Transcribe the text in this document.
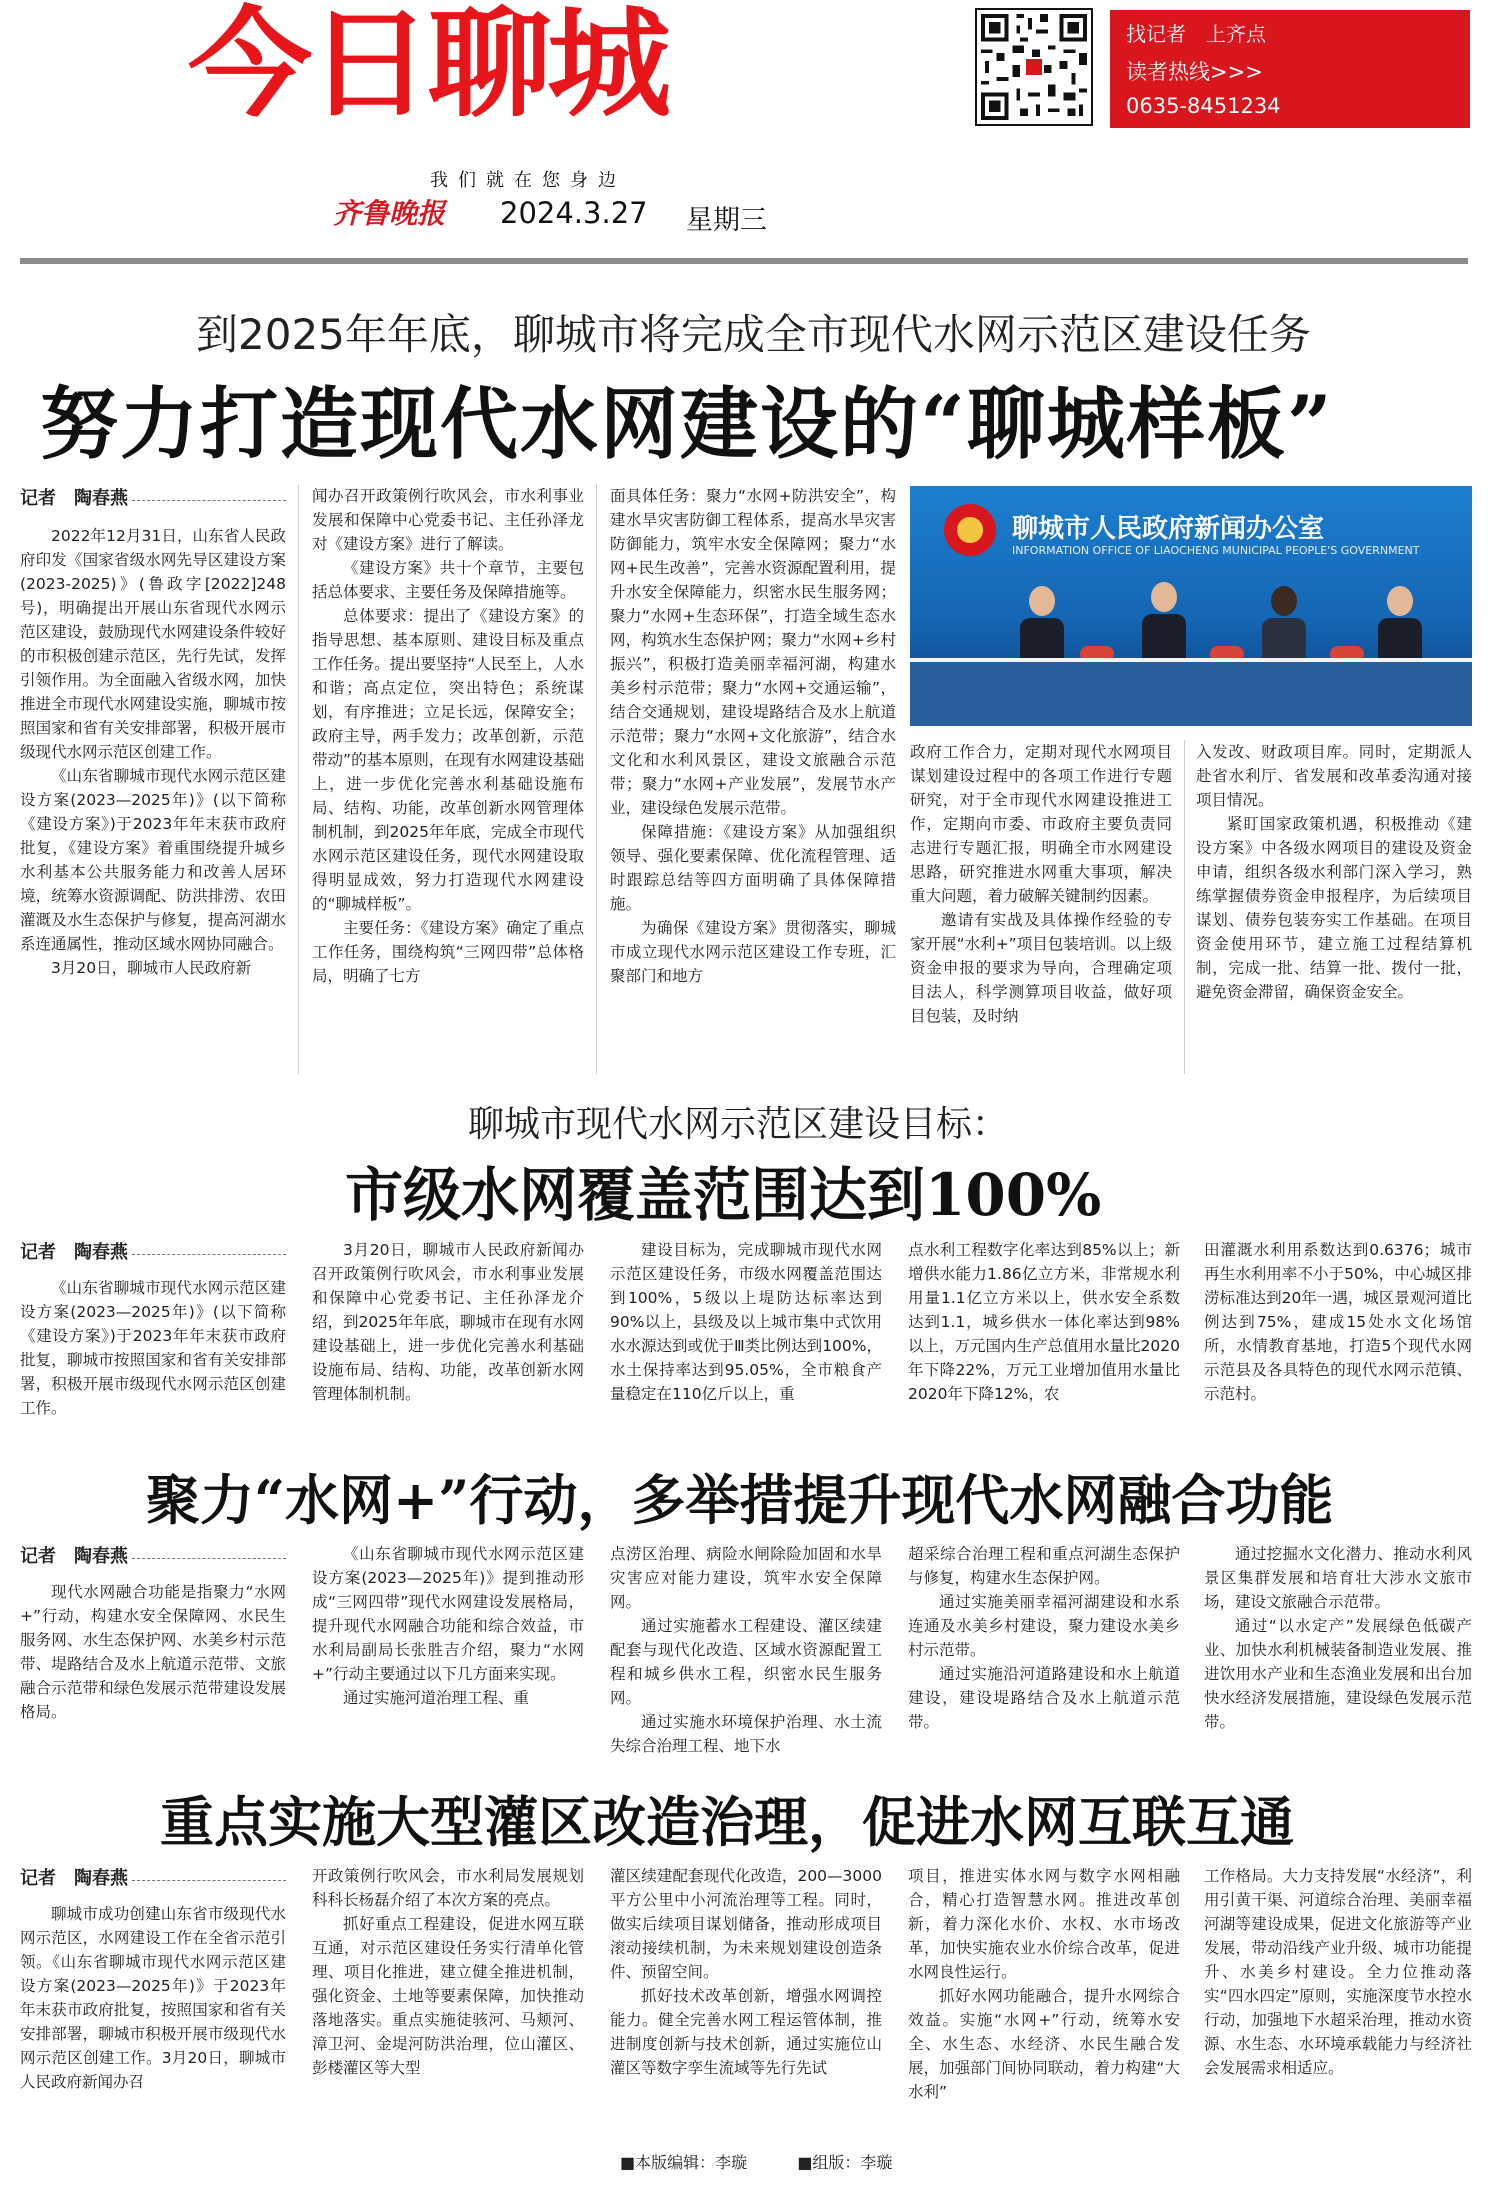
今日聊城	找记者　上齐点
读者热线>>>
0635-8451234
我们就在您身边
齐鲁晚报 2024.3.27 星期三
到2025年年底，聊城市将完成全市现代水网示范区建设任务
努力打造现代水网建设的“聊城样板”
记者　陶春燕

2022年12月31日，山东省人民政府印发《国家省级水网先导区建设方案(2023-2025)》(鲁政字[2022]248号)，明确提出开展山东省现代水网示范区建设，鼓励现代水网建设条件较好的市积极创建示范区，先行先试，发挥引领作用。为全面融入省级水网，加快推进全市现代水网建设实施，聊城市按照国家和省有关安排部署，积极开展市级现代水网示范区创建工作。

《山东省聊城市现代水网示范区建设方案(2023—2025年)》(以下简称《建设方案》)于2023年年末获市政府批复，《建设方案》着重围绕提升城乡水利基本公共服务能力和改善人居环境，统筹水资源调配、防洪排涝、农田灌溉及水生态保护与修复，提高河湖水系连通属性，推动区域水网协同融合。

3月20日，聊城市人民政府新

闻办召开政策例行吹风会，市水利事业发展和保障中心党委书记、主任孙泽龙对《建设方案》进行了解读。

《建设方案》共十个章节，主要包括总体要求、主要任务及保障措施等。

总体要求：提出了《建设方案》的指导思想、基本原则、建设目标及重点工作任务。提出要坚持“人民至上，人水和谐；高点定位，突出特色；系统谋划，有序推进；立足长远，保障安全；政府主导，两手发力；改革创新，示范带动”的基本原则，在现有水网建设基础上，进一步优化完善水利基础设施布局、结构、功能，改革创新水网管理体制机制，到2025年年底，完成全市现代水网示范区建设任务，现代水网建设取得明显成效，努力打造现代水网建设的“聊城样板”。

主要任务：《建设方案》确定了重点工作任务，围绕构筑“三网四带”总体格局，明确了七方

面具体任务：聚力“水网+防洪安全”，构建水旱灾害防御工程体系，提高水旱灾害防御能力，筑牢水安全保障网；聚力“水网+民生改善”，完善水资源配置利用，提升水安全保障能力，织密水民生服务网；聚力“水网+生态环保”，打造全域生态水网，构筑水生态保护网；聚力“水网+乡村振兴”，积极打造美丽幸福河湖，构建水美乡村示范带；聚力“水网+交通运输”，结合交通规划，建设堤路结合及水上航道示范带；聚力“水网+文化旅游”，结合水文化和水利风景区，建设文旅融合示范带；聚力“水网+产业发展”，发展节水产业，建设绿色发展示范带。

保障措施：《建设方案》从加强组织领导、强化要素保障、优化流程管理、适时跟踪总结等四方面明确了具体保障措施。

为确保《建设方案》贯彻落实，聊城市成立现代水网示范区建设工作专班，汇聚部门和地方

聊城市人民政府新闻办公室
INFORMATION OFFICE OF LIAOCHENG MUNICIPAL PEOPLE'S GOVERNMENT

政府工作合力，定期对现代水网项目谋划建设过程中的各项工作进行专题研究，对于全市现代水网建设推进工作，定期向市委、市政府主要负责同志进行专题汇报，明确全市水网建设思路，研究推进水网重大事项，解决重大问题，着力破解关键制约因素。

邀请有实战及具体操作经验的专家开展“水利+”项目包装培训。以上级资金申报的要求为导向，合理确定项目法人，科学测算项目收益，做好项目包装，及时纳

入发改、财政项目库。同时，定期派人赴省水利厅、省发展和改革委沟通对接项目情况。

紧盯国家政策机遇，积极推动《建设方案》中各级水网项目的建设及资金申请，组织各级水利部门深入学习，熟练掌握债券资金申报程序，为后续项目谋划、债券包装夯实工作基础。在项目资金使用环节，建立施工过程结算机制，完成一批、结算一批、拨付一批，避免资金滞留，确保资金安全。

聊城市现代水网示范区建设目标：
市级水网覆盖范围达到100%
记者　陶春燕

《山东省聊城市现代水网示范区建设方案(2023—2025年)》(以下简称《建设方案》)于2023年年末获市政府批复，聊城市按照国家和省有关安排部署，积极开展市级现代水网示范区创建工作。

3月20日，聊城市人民政府新闻办召开政策例行吹风会，市水利事业发展和保障中心党委书记、主任孙泽龙介绍，到2025年年底，聊城市在现有水网建设基础上，进一步优化完善水利基础设施布局、结构、功能，改革创新水网管理体制机制。

建设目标为，完成聊城市现代水网示范区建设任务，市级水网覆盖范围达到100%，5级以上堤防达标率达到90%以上，县级及以上城市集中式饮用水水源达到或优于Ⅲ类比例达到100%，水土保持率达到95.05%，全市粮食产量稳定在110亿斤以上，重

点水利工程数字化率达到85%以上；新增供水能力1.86亿立方米，非常规水利用量1.1亿立方米以上，供水安全系数达到1.1，城乡供水一体化率达到98%以上，万元国内生产总值用水量比2020年下降22%，万元工业增加值用水量比2020年下降12%，农

田灌溉水利用系数达到0.6376；城市再生水利用率不小于50%，中心城区排涝标准达到20年一遇，城区景观河道比例达到75%，建成15处水文化场馆所，水情教育基地，打造5个现代水网示范县及各具特色的现代水网示范镇、示范村。

聚力“水网+”行动，多举措提升现代水网融合功能
记者　陶春燕

现代水网融合功能是指聚力“水网+”行动，构建水安全保障网、水民生服务网、水生态保护网、水美乡村示范带、堤路结合及水上航道示范带、文旅融合示范带和绿色发展示范带建设发展格局。

《山东省聊城市现代水网示范区建设方案(2023—2025年)》提到推动形成“三网四带”现代水网建设发展格局，提升现代水网融合功能和综合效益，市水利局副局长张胜吉介绍，聚力“水网+”行动主要通过以下几方面来实现。

通过实施河道治理工程、重

点涝区治理、病险水闸除险加固和水旱灾害应对能力建设，筑牢水安全保障网。

通过实施蓄水工程建设、灌区续建配套与现代化改造、区域水资源配置工程和城乡供水工程，织密水民生服务网。

通过实施水环境保护治理、水土流失综合治理工程、地下水

超采综合治理工程和重点河湖生态保护与修复，构建水生态保护网。

通过实施美丽幸福河湖建设和水系连通及水美乡村建设，聚力建设水美乡村示范带。

通过实施沿河道路建设和水上航道建设，建设堤路结合及水上航道示范带。

通过挖掘水文化潜力、推动水利风景区集群发展和培育壮大涉水文旅市场，建设文旅融合示范带。

通过“以水定产”发展绿色低碳产业、加快水利机械装备制造业发展、推进饮用水产业和生态渔业发展和出台加快水经济发展措施，建设绿色发展示范带。

重点实施大型灌区改造治理，促进水网互联互通
记者　陶春燕

聊城市成功创建山东省市级现代水网示范区，水网建设工作在全省示范引领。《山东省聊城市现代水网示范区建设方案(2023—2025年)》于2023年年末获市政府批复，按照国家和省有关安排部署，聊城市积极开展市级现代水网示范区创建工作。3月20日，聊城市人民政府新闻办召

开政策例行吹风会，市水利局发展规划科科长杨磊介绍了本次方案的亮点。

抓好重点工程建设，促进水网互联互通，对示范区建设任务实行清单化管理、项目化推进，建立健全推进机制，强化资金、土地等要素保障，加快推动落地落实。重点实施徒骇河、马颊河、漳卫河、金堤河防洪治理，位山灌区、彭楼灌区等大型

灌区续建配套现代化改造，200—3000平方公里中小河流治理等工程。同时，做实后续项目谋划储备，推动形成项目滚动接续机制，为未来规划建设创造条件、预留空间。

抓好技术改革创新，增强水网调控能力。健全完善水网工程运管体制，推进制度创新与技术创新，通过实施位山灌区等数字孪生流域等先行先试

项目，推进实体水网与数字水网相融合，精心打造智慧水网。推进改革创新，着力深化水价、水权、水市场改革，加快实施农业水价综合改革，促进水网良性运行。

抓好水网功能融合，提升水网综合效益。实施“水网+”行动，统筹水安全、水生态、水经济、水民生融合发展，加强部门间协同联动，着力构建“大水利”

工作格局。大力支持发展“水经济”，利用引黄干渠、河道综合治理、美丽幸福河湖等建设成果，促进文化旅游等产业发展，带动沿线产业升级、城市功能提升、水美乡村建设。全力位推动落实“四水四定”原则，实施深度节水控水行动，加强地下水超采治理，推动水资源、水生态、水环境承载能力与经济社会发展需求相适应。

■本版编辑：李璇	■组版：李璇
